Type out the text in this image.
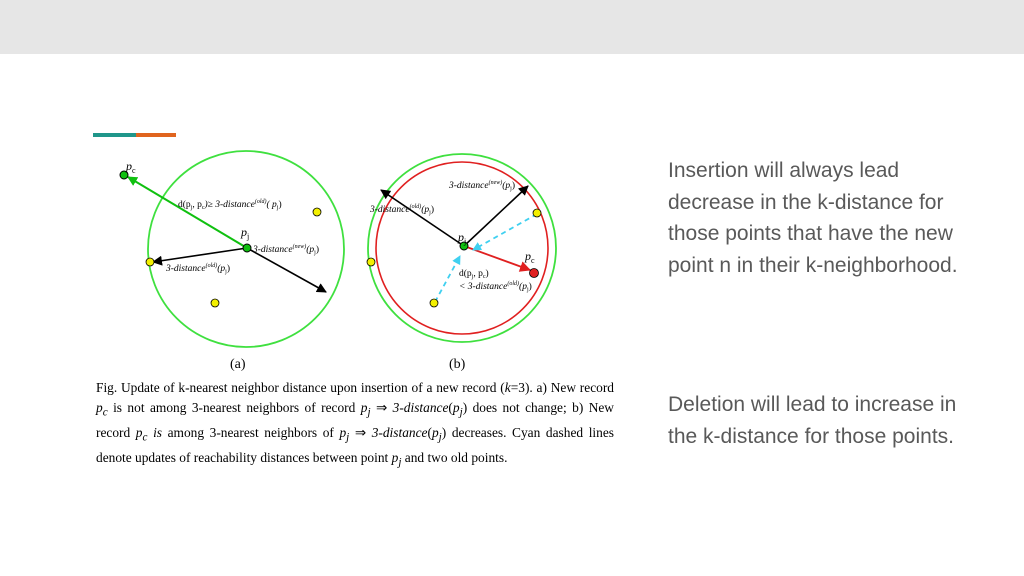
$p_c$
$d(p_j$, $p_c)\ge$ 3-distance$^{(old)}$( $p_j$)
$p_j$
$3-distance^{(new)}(p_j)$
$3-distance^{(old)}(p_j)$
(a)
$3-distance^{(new)}(p_j)$
$3-distance^{(old)}(p_j)$
$p_j$
$p_c$
$d(p_j$, $p_c$)
< $3-distance^{(old)}(p_j)$
(b)

Fig. Update of k-nearest neighbor distance upon insertion of a new record (k=3). a) New record $p_c$ is not among 3-nearest neighbors of record $p_j$ ⇒ $3-distance(p_j)$ does not change; b) New record $p_c$ is among 3-nearest neighbors of $p_j$ ⇒ $3-distance(p_j)$ decreases. Cyan dashed lines denote updates of reachability distances between point $p_j$ and two old points.

Insertion will always lead decrease in the k-distance for those points that have the new point n in their k-neighborhood.
Deletion will lead to increase in the k-distance for those points.
